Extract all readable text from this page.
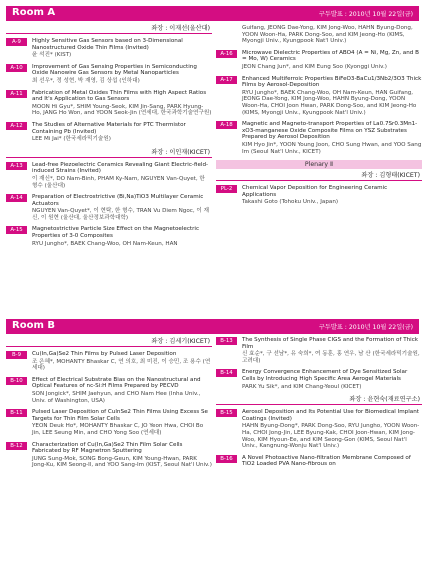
Room A	구두발표 : 2010년 10월 22일(금)
좌장 : 이재선(울산대)
A-9	Highly Sensitive Gas Sensors based on 3-Dimensional Nanostructured Oxide Thin Films (Invited)
윤 석진* (KIST)
A-10	Improvement of Gas Sensing Properties in Semiconducting Oxide Nanowire Gas Sensors by Metal Nanoparticles
최 선우*, 정 성현, 박 재영, 김 상섭 (인하대)
A-11	Fabrication of Metal Oxides Thin Films with High Aspect Ratios and It's Application to Gas Sensors
MOON Hi Gyu*, SHIM Young-Seok, KIM Jin-Sang, PARK Hyung-Ho, JANG Ho Won, and YOON Seok-Jin (연세대, 한국과학기술연구원)
A-12	The Studies of Alternative Materials for PTC Thermistor Containing Pb (Invited)
LEE Mi Jai* (한국세라믹기술원)
좌장 : 이인재(KICET)
A-13	Lead-free Piezoelectric Ceramics Revealing Giant Electric-field-induced Strains (Invited)
이 재신*, DO Nam-Binh, PHAM Ky-Nam, NGUYEN Van-Quyet, 한 형수 (울산대)
A-14	Preparation of Electrostrictive (Bi,Na)TiO3 Multilayer Ceramic Actuators
NGUYEN Van-Quyet*, 이 현탁, 한 형수, TRAN Vu Diem Ngoc, 이 재신, 이 원현 (울산대, 울산정보과학대학)
A-15	Magnetostrictive Particle Size Effect on the Magnetoelectric Properties of 3-0 Composites
RYU Jungho*, BAEK Chang-Woo, OH Nam-Keun, HAN
Guifang, JEONG Dae-Yong, KIM Jong-Woo, HAHN Byung-Dong, YOON Woon-Ha, PARK Dong-Soo, and KIM Jeong-Ho (KIMS, Myongji Univ., Kyungpook Nat'l Univ.)
A-16	Microwave Dielectric Properties of ABO4 (A = Ni, Mg, Zn, and B = Mo, W) Ceramics
JEON Chang Jun*, and KIM Eung Soo (Kyonggi Univ.)
A-17	Enhanced Multiferroic Properties BiFeO3-BaCu1/3Nb2/3O3 Thick Films by Aerosol-Deposition
RYU Jungho*, BAEK Chang-Woo, OH Nam-Keun, HAN Guifang, JEONG Dae-Yong, KIM Jong-Woo, HAHN Byung-Dong, YOON Woon-Ha, CHOI Joon Hwan, PARK Dong-Soo, and KIM Jeong-Ho (KIMS, Myongji Univ., Kyungpook Nat'l Univ.)
A-18	Magnetic and Magneto-transport Properties of La0.7Sr0.3Mn1-xO3-manganese Oxide Composite Films on YSZ Substrates Prepared by Aerosol Deposition
KIM Hyo Jin*, YOON Young Joon, CHO Sung Hwan, and YOO Sang Im (Seoul Nat'l Univ., KICET)
Plenary Ⅱ
좌장 : 김형태(KICET)
PL-2	Chemical Vapor Deposition for Engineering Ceramic Applications
Takashi Goto (Tohoku Univ., Japan)
Room B	구두발표 : 2010년 10월 22일(금)
좌장 : 김세기(KICET)
B-9	Cu(In,Ga)Se2 Thin Films by Pulsed Laser Deposition
조 은혜*, MOHANTY Bhaskar C, 연 의호, 최 미진, 이 승민, 조 용수 (연세대)
B-10	Effect of Electrical Substrate Bias on the Nanostructural and Optical Features of nc-Si:H Films Prepared by PECVD
SON Jongick*, SHIM Jaehyun, and CHO Nam Hee (Inha Univ., Univ. of Washington, USA)
B-11	Pulsed Laser Deposition of CulnSe2 Thin Films Using Excess Se Targets for Thin Film Solar Cells
YEON Deuk Ho*, MOHANTY Bhaskar C, JO Yeon Hwa, CHOI Bo Jin, LEE Seung Min, and CHO Yong Soo (연세대)
B-12	Characterization of Cu(In,Ga)Se2 Thin Film Solar Cells Fabricated by RF Magnetron Sputtering
JUNG Sung-Mok, SONG Bong-Geun, KIM Young-Hwan, PARK Jong-Ku, KIM Seong-Il, and YOO Sang-Im (KIST, Seoul Nat'l Univ.)
B-13	The Synthesis of Single Phase CIGS and the Formation of Thick Film
신 효순*, 구 선남*, 유 숙희*, 여 동훈, 홍 연우, 남 산 (한국세라믹기술원, 고려대)
B-14	Energy Convergence Enhancement of Dye Sensitized Solar Cells by Introducing High Specific Area Aerogel Materials
PARK Yu Sik*, and KIM Chang-Yeoul (KICET)
좌장 : 윤현숙(재료연구소)
B-15	Aerosol Deposition and Its Potential Use for Biomedical Implant Coatings (Invited)
HAHN Byung-Dong*, PARK Dong-Soo, RYU Jungho, YOON Woon-Ha, CHOI Jong-Jin, LEE Byung-Kak, CHOI Joon-Hwan, KIM Jong-Woo, KIM Hyoun-Ee, and KIM Seong-Gon (KIMS, Seoul Nat'l Univ., Kangnung-Wonju Nat'l Univ.)
B-16	A Novel Photoactive Nano-filtration Membrane Composed of TiO2 Loaded PVA Nano-fibrous on
